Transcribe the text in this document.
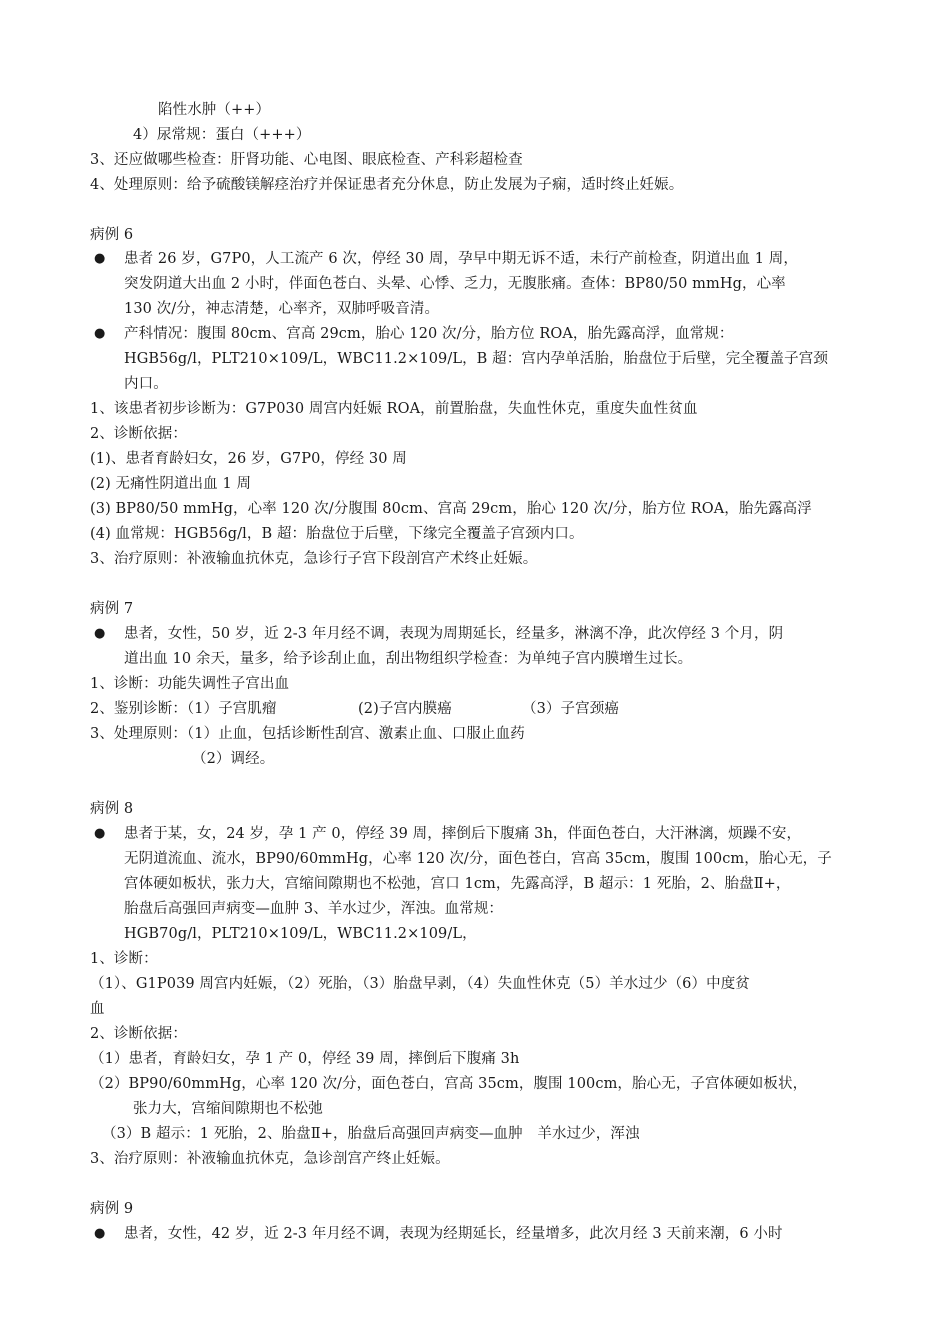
陷性水肿（++）
4）尿常规：蛋白（+++）
3、还应做哪些检查：肝肾功能、心电图、眼底检查、产科彩超检查
4、处理原则：给予硫酸镁解痉治疗并保证患者充分休息，防止发展为子痫，适时终止妊娠。
病例 6
● 患者 26 岁，G7P0，人工流产 6 次，停经 30 周，孕早中期无诉不适，未行产前检查，阴道出血 1 周，
突发阴道大出血 2 小时，伴面色苍白、头晕、心悸、乏力，无腹胀痛。查体：BP80/50 mmHg，心率
130 次/分，神志清楚，心率齐，双肺呼吸音清。
● 产科情况：腹围 80cm、宫高 29cm，胎心 120 次/分，胎方位 ROA，胎先露高浮，血常规：
HGB56g/l，PLT210×109/L，WBC11.2×109/L，B 超：宫内孕单活胎，胎盘位于后壁，完全覆盖子宫颈
内口。
1、该患者初步诊断为：G7P030 周宫内妊娠 ROA，前置胎盘，失血性休克，重度失血性贫血
2、诊断依据：
(1)、患者育龄妇女，26 岁，G7P0，停经 30 周
(2) 无痛性阴道出血 1 周
(3) BP80/50 mmHg，心率 120 次/分腹围 80cm、宫高 29cm，胎心 120 次/分，胎方位 ROA，胎先露高浮
(4) 血常规：HGB56g/l，B 超：胎盘位于后壁，下缘完全覆盖子宫颈内口。
3、治疗原则：补液输血抗休克，急诊行子宫下段剖宫产术终止妊娠。
病例 7
● 患者，女性，50 岁，近 2-3 年月经不调，表现为周期延长，经量多，淋漓不净，此次停经 3 个月，阴
道出血 10 余天，量多，给予诊刮止血，刮出物组织学检查：为单纯子宫内膜增生过长。
1、诊断：功能失调性子宫出血
2、鉴别诊断：（1）子宫肌瘤	(2)子宫内膜癌	（3）子宫颈癌
3、处理原则：（1）止血，包括诊断性刮宫、激素止血、口服止血药
（2）调经。
病例 8
● 患者于某，女，24 岁，孕 1 产 0，停经 39 周，摔倒后下腹痛 3h，伴面色苍白，大汗淋漓，烦躁不安，
无阴道流血、流水，BP90/60mmHg，心率 120 次/分，面色苍白，宫高 35cm，腹围 100cm，胎心无，子
宫体硬如板状，张力大，宫缩间隙期也不松弛，宫口 1cm，先露高浮，B 超示：1 死胎，2、胎盘Ⅱ+，
胎盘后高强回声病变—血肿 3、羊水过少，浑浊。血常规：
HGB70g/l，PLT210×109/L，WBC11.2×109/L，
1、诊断：
（1）、G1P039 周宫内妊娠，（2）死胎，（3）胎盘早剥，（4）失血性休克（5）羊水过少（6）中度贫
血
2、诊断依据：
（1）患者，育龄妇女，孕 1 产 0，停经 39 周，摔倒后下腹痛 3h
（2）BP90/60mmHg，心率 120 次/分，面色苍白，宫高 35cm，腹围 100cm，胎心无，子宫体硬如板状，
张力大，宫缩间隙期也不松弛
（3）B 超示：1 死胎，2、胎盘Ⅱ+，胎盘后高强回声病变—血肿　羊水过少，浑浊
3、治疗原则：补液输血抗休克，急诊剖宫产终止妊娠。
病例 9
● 患者，女性，42 岁，近 2-3 年月经不调，表现为经期延长，经量增多，此次月经 3 天前来潮，6 小时
